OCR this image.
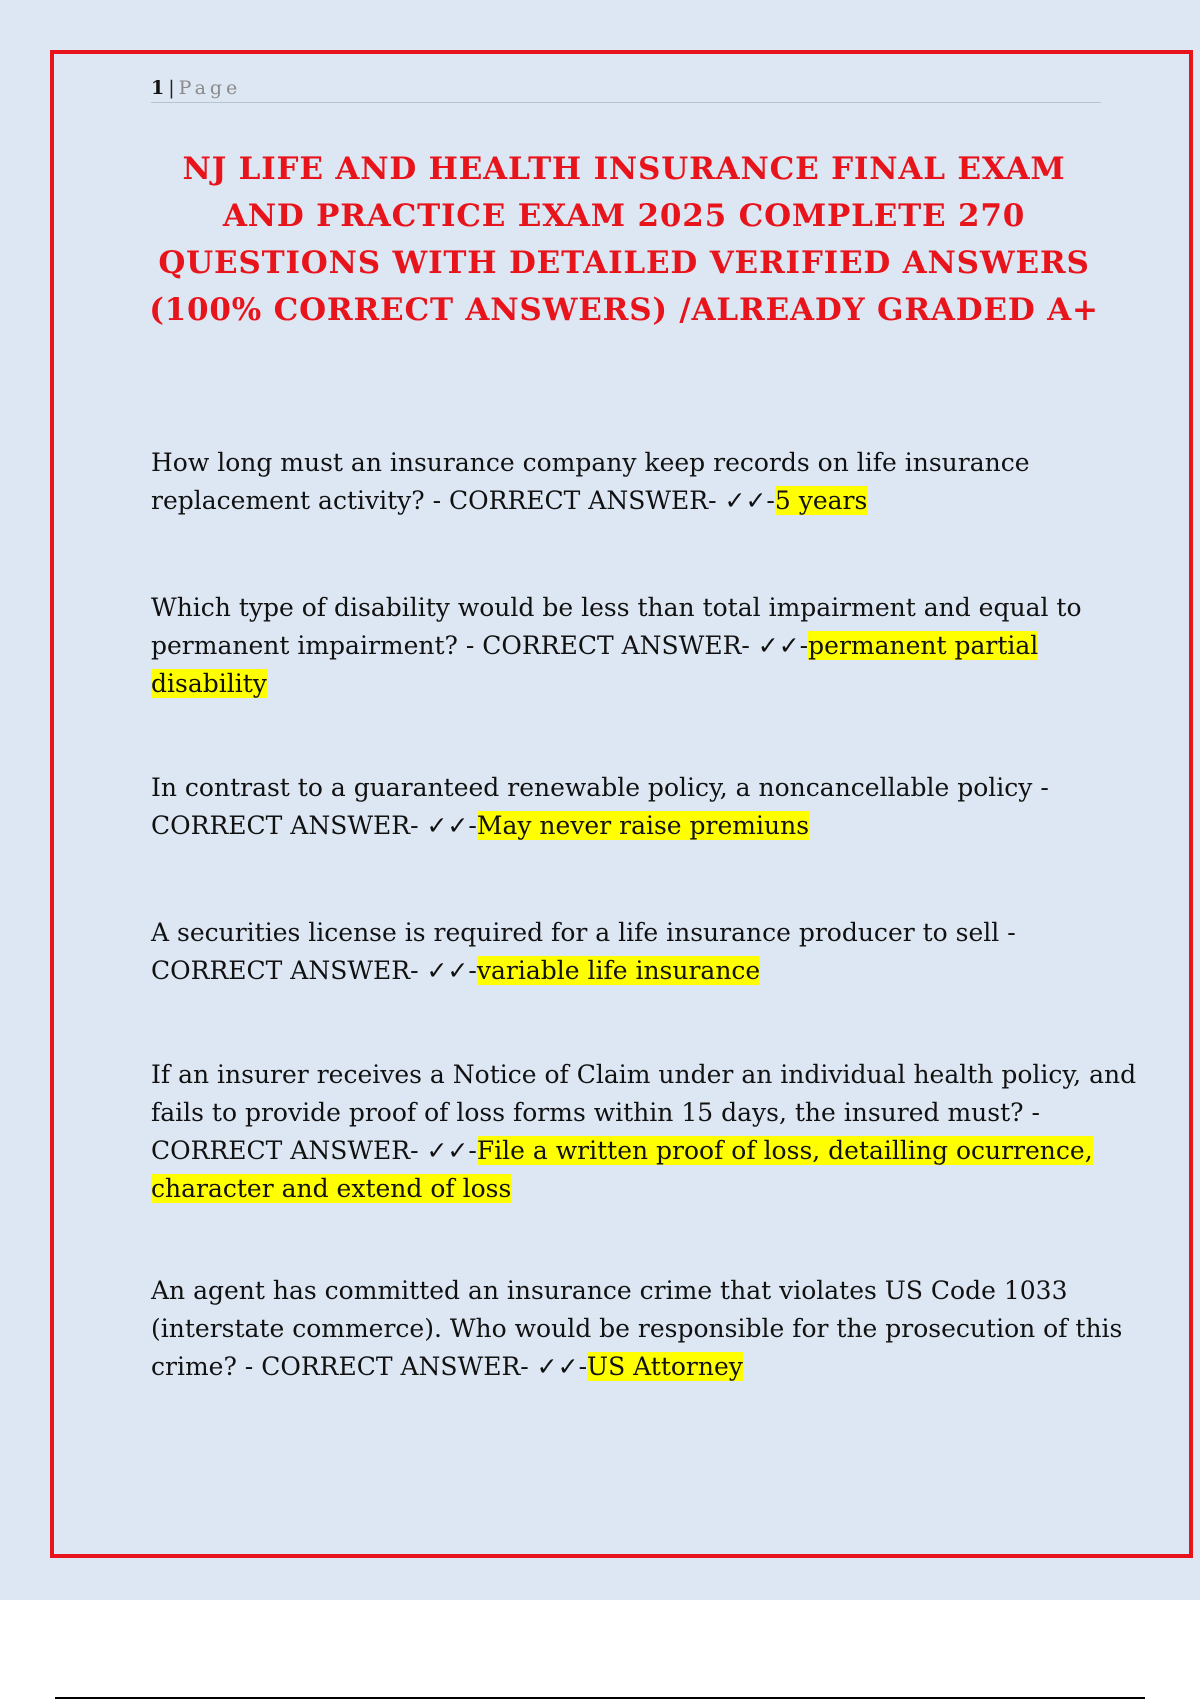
1 | Page
NJ LIFE AND HEALTH INSURANCE FINAL EXAM AND PRACTICE EXAM 2025 COMPLETE 270 QUESTIONS WITH DETAILED VERIFIED ANSWERS (100% CORRECT ANSWERS) /ALREADY GRADED A+

How long must an insurance company keep records on life insurance replacement activity? - CORRECT ANSWER- ✓✓-5 years

Which type of disability would be less than total impairment and equal to permanent impairment? - CORRECT ANSWER- ✓✓-permanent partial disability

In contrast to a guaranteed renewable policy, a noncancellable policy - CORRECT ANSWER- ✓✓-May never raise premiuns

A securities license is required for a life insurance producer to sell - CORRECT ANSWER- ✓✓-variable life insurance

If an insurer receives a Notice of Claim under an individual health policy, and fails to provide proof of loss forms within 15 days, the insured must? - CORRECT ANSWER- ✓✓-File a written proof of loss, detailling ocurrence, character and extend of loss

An agent has committed an insurance crime that violates US Code 1033 (interstate commerce). Who would be responsible for the prosecution of this crime? - CORRECT ANSWER- ✓✓-US Attorney
